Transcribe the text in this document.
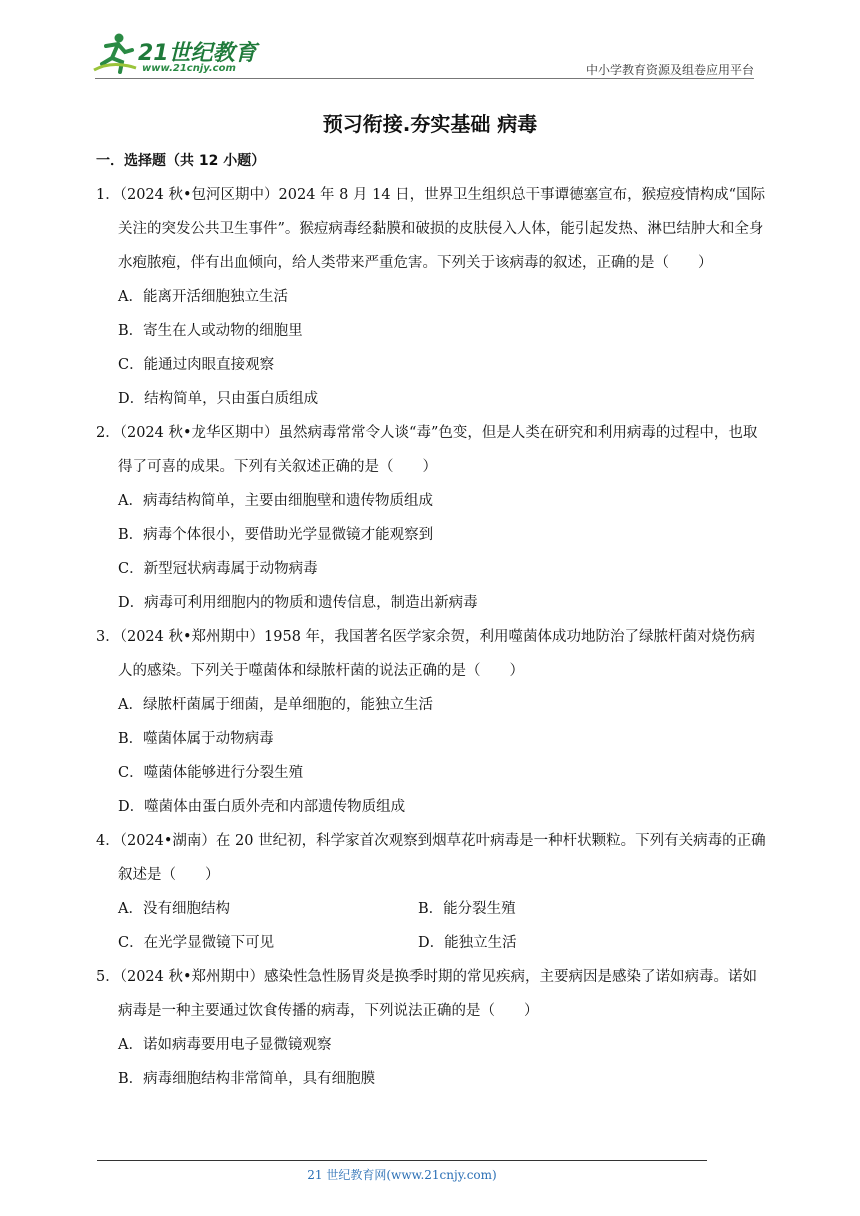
21世纪教育
www.21cnjy.com	中小学教育资源及组卷应用平台
预习衔接.夯实基础 病毒
一．选择题（共 12 小题）

1．（2024 秋•包河区期中）2024 年 8 月 14 日，世界卫生组织总干事谭德塞宣布，猴痘疫情构成“国际关注的突发公共卫生事件”。猴痘病毒经黏膜和破损的皮肤侵入人体，能引起发热、淋巴结肿大和全身水疱脓疱，伴有出血倾向，给人类带来严重危害。下列关于该病毒的叙述，正确的是（　　）

A．能离开活细胞独立生活

B．寄生在人或动物的细胞里

C．能通过肉眼直接观察

D．结构简单，只由蛋白质组成

2．（2024 秋•龙华区期中）虽然病毒常常令人谈“毒”色变，但是人类在研究和利用病毒的过程中，也取得了可喜的成果。下列有关叙述正确的是（　　）

A．病毒结构简单，主要由细胞壁和遗传物质组成

B．病毒个体很小，要借助光学显微镜才能观察到

C．新型冠状病毒属于动物病毒

D．病毒可利用细胞内的物质和遗传信息，制造出新病毒

3．（2024 秋•郑州期中）1958 年，我国著名医学家余贺，利用噬菌体成功地防治了绿脓杆菌对烧伤病人的感染。下列关于噬菌体和绿脓杆菌的说法正确的是（　　）

A．绿脓杆菌属于细菌，是单细胞的，能独立生活

B．噬菌体属于动物病毒

C．噬菌体能够进行分裂生殖

D．噬菌体由蛋白质外壳和内部遗传物质组成

4．（2024•湖南）在 20 世纪初，科学家首次观察到烟草花叶病毒是一种杆状颗粒。下列有关病毒的正确叙述是（　　）

A．没有细胞结构	B．能分裂生殖
C．在光学显微镜下可见	D．能独立生活

5．（2024 秋•郑州期中）感染性急性肠胃炎是换季时期的常见疾病，主要病因是感染了诺如病毒。诺如病毒是一种主要通过饮食传播的病毒，下列说法正确的是（　　）

A．诺如病毒要用电子显微镜观察

B．病毒细胞结构非常简单，具有细胞膜

21 世纪教育网(www.21cnjy.com)
